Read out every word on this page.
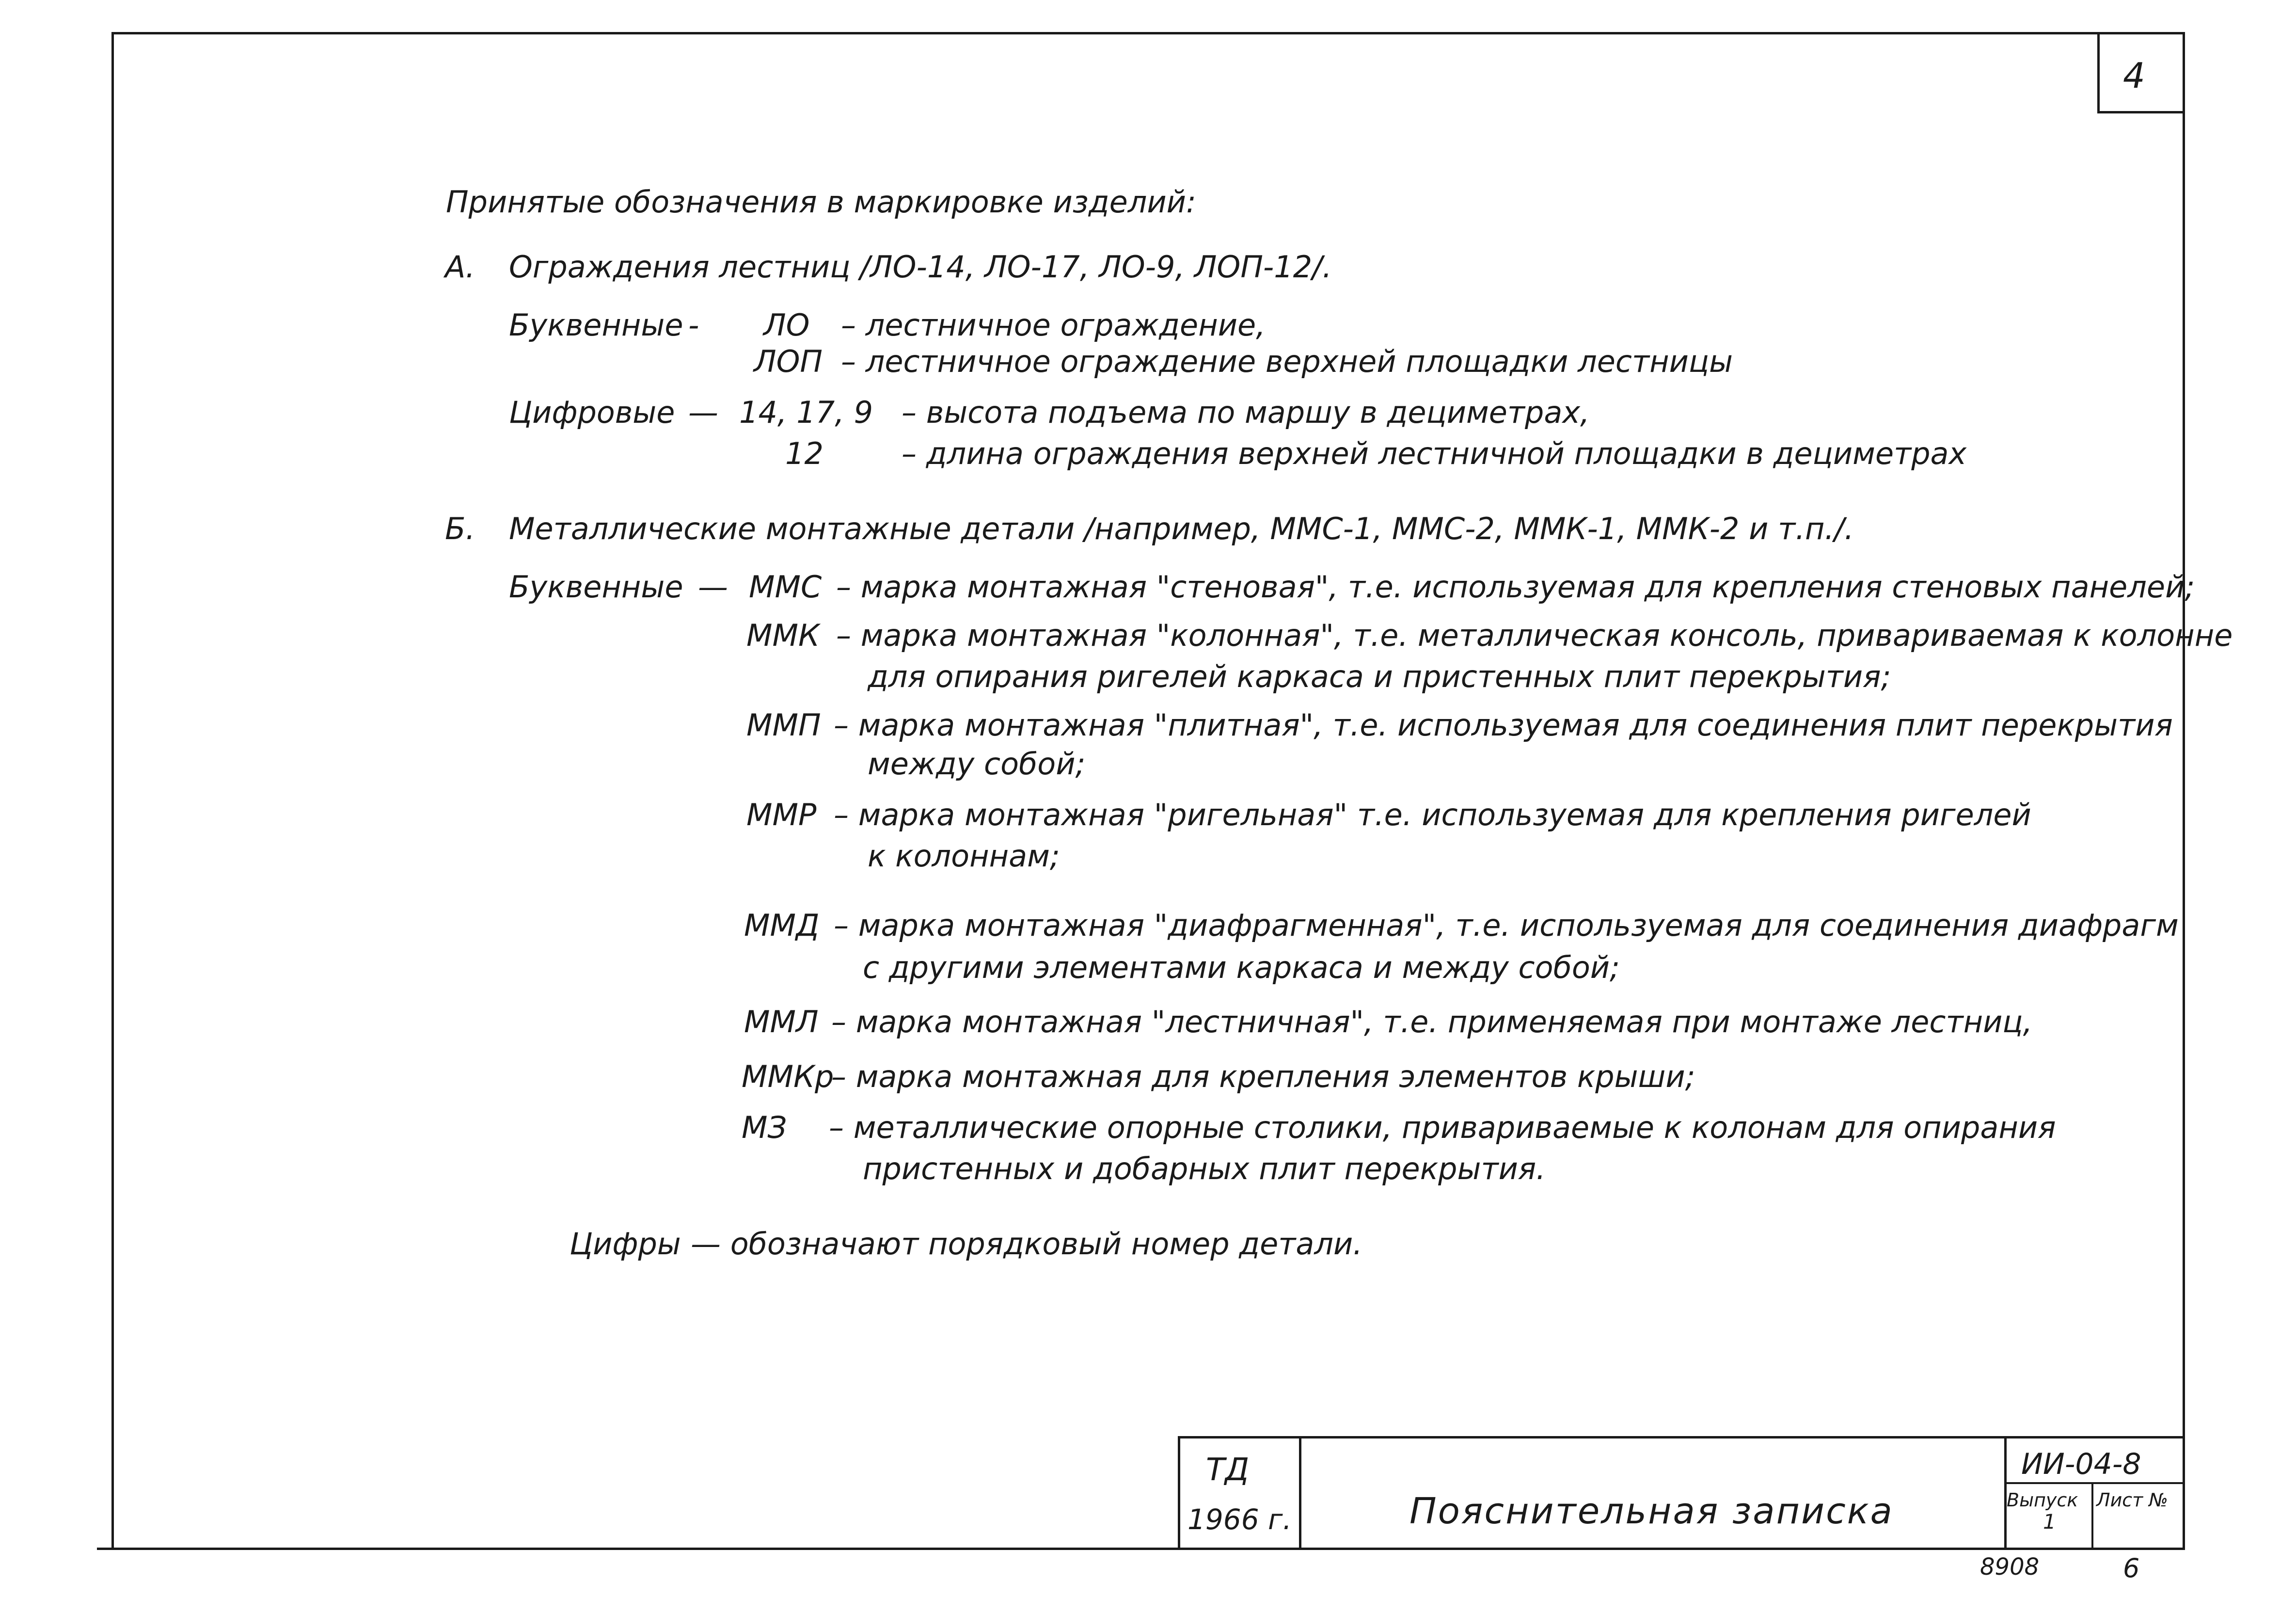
4
Принятые обозначения в маркировке изделий:
А. Ограждения лестниц /ЛО-14, ЛО-17, ЛО-9, ЛОП-12/.
Буквенные - ЛО – лестничное ограждение,
ЛОП – лестничное ограждение верхней площадки лестницы
Цифровые — 14, 17, 9 – высота подъема по маршу в дециметрах,
12	– длина ограждения верхней лестничной площадки в дециметрах
Б. Металлические монтажные детали /например, ММС-1, ММС-2, ММК-1, ММК-2 и т.п./.
Буквенные — ММС – марка монтажная "стеновая", т.е. используемая для крепления стеновых панелей;
ММК – марка монтажная "колонная", т.е. металлическая консоль, привариваемая к колонне
для опирания ригелей каркаса и пристенных плит перекрытия;
ММП – марка монтажная "плитная", т.е. используемая для соединения плит перекрытия
между собой;
ММР – марка монтажная "ригельная" т.е. используемая для крепления ригелей
к колоннам;
ММД – марка монтажная "диафрагменная", т.е. используемая для соединения диафрагм
с другими элементами каркаса и между собой;
ММЛ – марка монтажная "лестничная", т.е. применяемая при монтаже лестниц,
ММКр
– марка монтажная для крепления элементов крыши;
МЗ – металлические опорные столики, привариваемые к колонам для опирания
пристенных и добарных плит перекрытия.
Цифры — обозначают порядковый номер детали.
ТД
1966 г.	Пояснительная записка
ИИ-04-8
Выпуск
1
Лист №
8908	6
